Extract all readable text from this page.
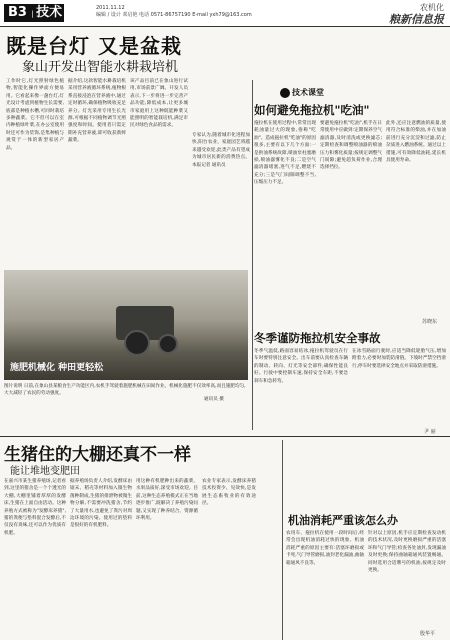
B3 | 技术	2011.11.12
编辑 / 设计 邓启艳 电话 0571-86757190 E-mail yxh79@163.com
农机化
粮新信息报
既是台灯 又是盆栽
象山开发出智能水耕栽培机
工作时它,灯光照射绿色植物,智能化操作界面方便易用。它看起来像一盏台灯,灯光设计考虑到植物生长需要,底部是种植水槽,可同时栽培多种蔬菜。它不但可以在室内种植绿叶菜,在办公室使用时还可作为装饰,是集种植与观赏于一体的新型家居产品。
据介绍,这款智能水耕栽培机采用营养液循环系统,植物根系直接浸泡在营养液中,通过定时循环,确保植物吸收充足养分。灯光采用专用生长光源,可根据不同植物调节光照强度和时间。使用者只需定期补充营养液,即可收获新鲜蔬菜。
该产品目前已在象山进行试用,市场前景广阔。开发人员表示,下一步将进一步完善产品功能,降低成本,让更多城市家庭用上这种既能种菜又能照明的智能栽培机,满足市民对绿色食品的需求。
专家认为,随着城市化进程加快,阳台农业、家庭园艺将越来越受欢迎,此类产品有望成为城市居民新的消费热点。本报记者 通讯员
施肥机械化 种田更轻松
图片说明 日前,在象山县某粮食生产功能区内,农机手驾驶着施肥机械在田间作业。机械化施肥不仅效率高,而且施肥均匀,大大减轻了农民的劳动强度。
通讯员 摄
技术课堂
如何避免拖拉机"吃油"
拖拉机在使用过程中,常常出现耗油量过大的现象,俗称"吃油"。造成拖拉机"吃油"的原因很多,主要有以下几个方面:一是供油系统故障,喷油泵柱塞磨损,喷油器雾化不良;二是空气滤清器堵塞,进气不足,燃烧不充分;三是气门间隙调整不当,压缩压力不足。
要避免拖拉机"吃油",机手在日常使用中应做到:定期保养空气滤清器,及时清洗或更换滤芯;定期检查和调整喷油器的喷油压力和雾化质量;按规定调整气门间隙;避免超负荷作业,合理选择挡位。
此外,还应注意燃油的质量,使用符合标准的柴油,并在加油前进行充分沉淀和过滤,防止杂质进入燃油系统。通过以上措施,可有效降低油耗,延长机具使用寿命。
苏晓东
冬季谨防拖拉机安全事故
冬季气温低,路面容易结冰,拖拉机驾驶员在行车时要特别注意安全。出车前要认真检查车辆的制动、转向、灯光等安全部件,确保性能良好。行驶中要控制车速,保持安全车距,不要急刹车和急转弯。
在冰雪路面行驶时,应适当降低轮胎气压,增加附着力,必要时加装防滑链。下坡时严禁空挡滑行,停车时要选择安全地点并采取防滑措施。
尹 丽
生猪住的大棚还真不一样
能让堆地变肥田
在嘉兴市某生猪养殖场,记者看到,这里的猪舍是一个个透光的大棚,大棚里铺着厚厚的发酵床,生猪在上面自由活动。这种养殖方式被称为"发酵床养猪",猪的粪便与垫料混合发酵后,不仅没有臭味,还可以作为优质有机肥。
据养殖场负责人介绍,发酵床由锯末、稻壳等材料加入微生物菌种制成,生猪的排泄物被微生物分解,不需要冲洗猪舍,节约了大量用水,也避免了粪污对周边环境的污染。使用过的垫料是很好的有机肥料。
用这种有机肥种出来的蔬菜、水果品质好,深受市场欢迎。目前,这种生态养殖模式正在当地逐步推广,既解决了养殖污染问题,又实现了种养结合、资源循环利用。
农业专家表示,发酵床养猪技术投资少、见效快,是发展生态畜牧业的有效途径。
机油消耗严重该怎么办
农用车、拖拉机在使用一段时间后,经常会出现机油消耗过快的现象。机油消耗严重的原因主要有:活塞环磨损或卡死,气门导管磨损,油封老化漏油,曲轴箱通风不良等。
针对以上原因,机手应定期检查发动机的技术状况,及时更换磨损严重的活塞环和气门导管;检查各处油封,发现漏油及时更换;保持曲轴箱通风装置畅通。同时选用合适牌号的机油,按规定及时更换。
殷华平
